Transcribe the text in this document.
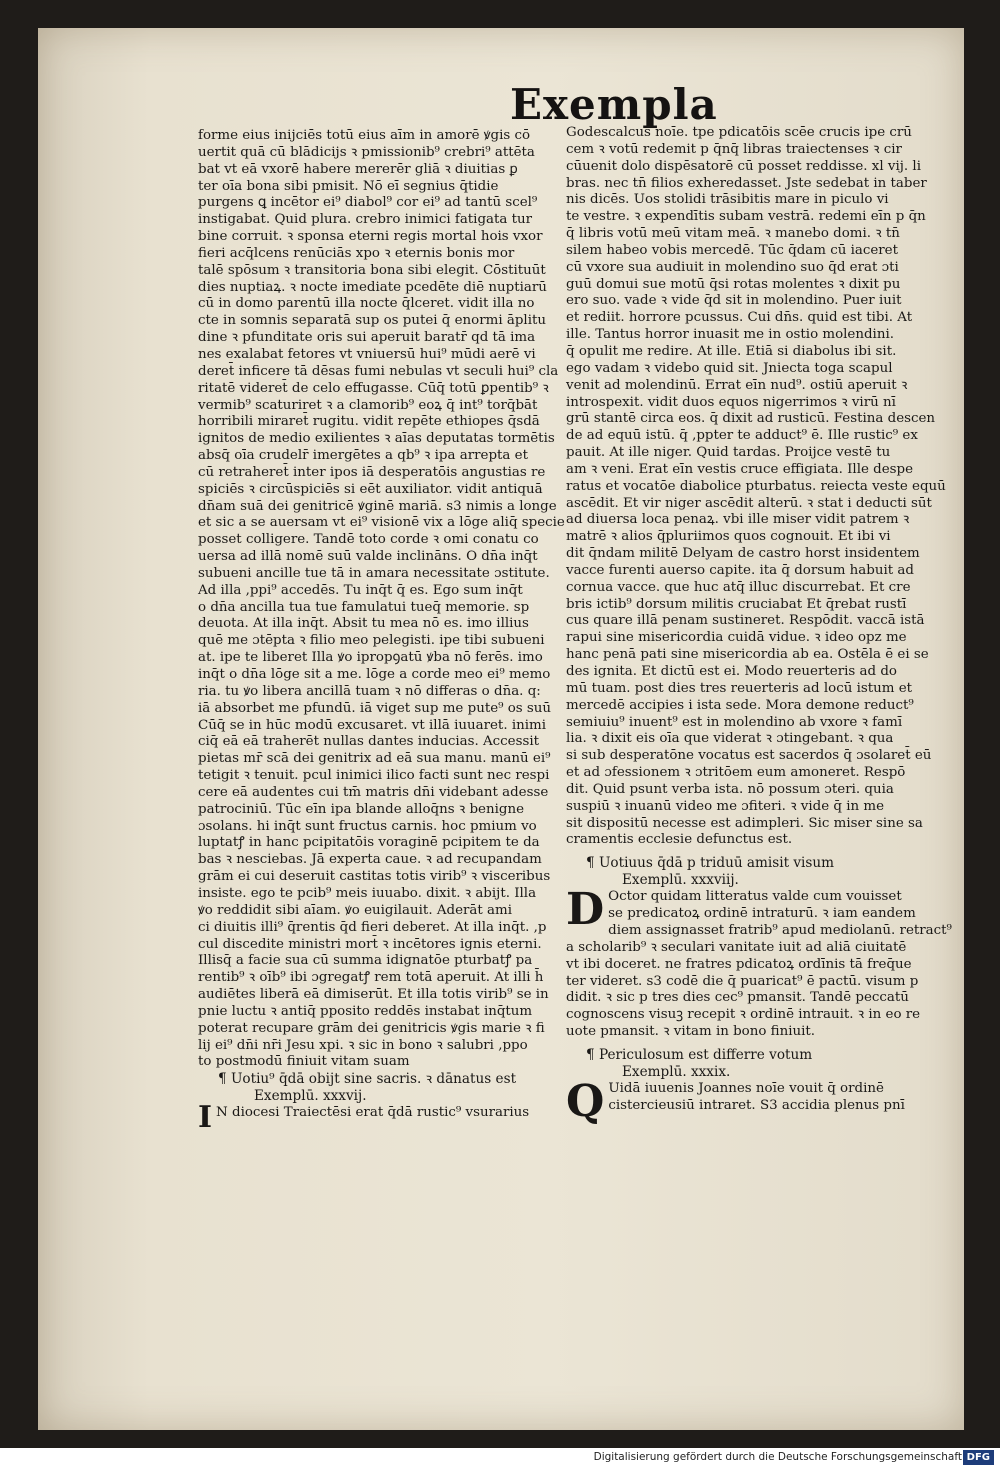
Exempla
forme eius inijciēs totū eius aīm in amorē ꝟgis cō
uertit quā cū blādicijs ꝛ pmissionib⁹ crebri⁹ attēta
bat vt eā vxorē habere mererēr gliā ꝛ diuitias ꝑ
ter oīa bona sibi pmisit. Nō eī segnius q̄tidie
purgens ꝗ incētor ei⁹ diabol⁹ cor ei⁹ ad tantū scel⁹
instigabat. Quid plura. crebro inimici fatigata tur
bine corruit. ꝛ sponsa eterni regis mortal hois vxor
fieri acq̄lcens renūciās xpo ꝛ eternis bonis mor
talē spōsum ꝛ transitoria bona sibi elegit. Cōstituūt
dies nuptiaꝝ. ꝛ nocte imediate pcedēte diē nuptiarū
cū in domo parentū illa nocte q̄lceret. vidit illa no
cte in somnis separatā sup os putei q̄ enormi āplitu
dine ꝛ pfunditate oris sui aperuit baratr̄ qd tā ima
nes exalabat fetores vt vniuersū hui⁹ mūdi aerē vi
deret̄ inficere tā dēsas fumi nebulas vt seculi hui⁹ cla
ritatē videret̄ de celo effugasse. Cūq̄ totū ꝑpentib⁹ ꝛ
vermib⁹ scaturiret ꝛ a clamorib⁹ eoꝝ q̄ int⁹ torq̄bāt
horribili miraret̄ rugitu. vidit repēte ethiopes q̄sdā
ignitos de medio exilientes ꝛ aīas deputatas tormētis
absq̄ oīa crudelr̄ imergētes a qb⁹ ꝛ ipa arrepta et
cū retraheret̄ inter ipos iā desperatōis angustias re
spiciēs ꝛ circūspiciēs si eēt auxiliator. vidit antiquā
dn̄am suā dei genitricē ꝟginē mariā. s3 nimis a longe
et sic a se auersam vt ei⁹ visionē vix a lōge aliq̄ specie
posset colligere. Tandē toto corde ꝛ omi conatu co
uersa ad illā nomē suū valde inclināns. O dn̄a inq̄t
subueni ancille tue tā in amara necessitate ɔstitute.
Ad illa ,ppi⁹ accedēs. Tu inq̄t q̄ es. Ego sum inq̄t
o dn̄a ancilla tua tue famulatui tueq̄ memorie. sp
deuota. At illa inq̄t. Absit tu mea nō es. imo illius
quē me ɔtēpta ꝛ filio meo pelegisti. ipe tibi subueni
at. ipe te liberet Illa ꝟo ipropꝯatū ꝟba nō ferēs. imo
inq̄t o dn̄a lōge sit a me. lōge a corde meo ei⁹ memo
ria. tu ꝟo libera ancillā tuam ꝛ nō differas o dn̄a. q:
iā absorbet me pfundū. iā viget sup me pute⁹ os suū
Cūq̄ se in hūc modū excusaret. vt illā iuuaret. inimi
ciq̄ eā eā traherēt nullas dantes inducias. Accessit
pietas mr̄ scā dei genitrix ad eā sua manu. manū ei⁹
tetigit ꝛ tenuit. pcul inimici ilico facti sunt nec respi
cere eā audentes cui tm̄ matris dn̄i videbant adesse
patrociniū. Tūc eīn ipa blande alloq̄ns ꝛ benigne
ɔsolans. hi inq̄t sunt fructus carnis. hoc pmium vo
luptatꝭ in hanc pcipitatōis voraginē pcipitem te da
bas ꝛ nesciebas. Jā experta caue. ꝛ ad recupandam
grām ei cui deseruit castitas totis virib⁹ ꝛ visceribus
insiste. ego te pcib⁹ meis iuuabo. dixit. ꝛ abijt. Illa
ꝟo reddidit sibi aīam. ꝟo euigilauit. Aderāt ami
ci diuitis illi⁹ q̄rentis q̄d fieri deberet. At illa inq̄t. ,p
cul discedite ministri mort̄ ꝛ incētores ignis eterni.
Illisq̄ a facie sua cū summa idignatōe pturbatꝭ pa
rentib⁹ ꝛ oīb⁹ ibi ɔgregatꝭ rem totā aperuit. At illi h̄
audiētes liberā eā dimiserūt. Et illa totis virib⁹ se in
pnie luctu ꝛ antiq̄ pposito reddēs instabat inq̄tum
poterat recupare grām dei genitricis ꝟgis marie ꝛ fi
lij ei⁹ dn̄i nr̄i Jesu xpi. ꝛ sic in bono ꝛ salubri ,ppo
to postmodū finiuit vitam suam
¶ Uotiu⁹ q̄dā obijt sine sacris. ꝛ dānatus est
Exemplū. xxxvij.
I N diocesi Traiectēsi erat q̄dā rustic⁹ vsurarius
Godescalcus noīe. tpe pdicatōis scēe crucis ipe crū
cem ꝛ votū redemit p q̄nq̄ libras traiectenses ꝛ cir
cūuenit dolo dispēsatorē cū posset reddisse. xl vij. li
bras. nec tn̄ filios exheredasset. Jste sedebat in taber
nis dicēs. Uos stolidi trāsibitis mare in piculo vi
te vestre. ꝛ expendītis subam vestrā. redemi eīn p q̄n
q̄ libris votū meū vitam meā. ꝛ manebo domi. ꝛ tn̄
silem habeo vobis mercedē. Tūc q̄dam cū iaceret
cū vxore sua audiuit in molendino suo q̄d erat ɔti
guū domui sue motū q̄si rotas molentes ꝛ dixit pu
ero suo. vade ꝛ vide q̄d sit in molendino. Puer iuit
et rediit. horrore pcussus. Cui dn̄s. quid est tibi. At
ille. Tantus horror inuasit me in ostio molendini.
q̄ opulit me redire. At ille. Etiā si diabolus ibi sit.
ego vadam ꝛ videbo quid sit. Jniecta toga scapul
venit ad molendinū. Errat eīn nud⁹. ostiū aperuit ꝛ
introspexit. vidit duos equos nigerrimos ꝛ virū nī
grū stantē circa eos. q̄ dixit ad rusticū. Festina descen
de ad equū istū. q̄ ,ppter te adduct⁹ ē. Ille rustic⁹ ex
pauit. At ille niger. Quid tardas. Proijce vestē tu
am ꝛ veni. Erat eīn vestis cruce effigiata. Ille despe
ratus et vocatōe diabolice pturbatus. reiecta veste equū
ascēdit. Et vir niger ascēdit alterū. ꝛ stat i deducti sūt
ad diuersa loca penaꝝ. vbi ille miser vidit patrem ꝛ
matrē ꝛ alios q̄pluriimos quos cognouit. Et ibi vi
dit q̄ndam militē Delyam de castro horst insidentem
vacce furenti auerso capite. ita q̄ dorsum habuit ad
cornua vacce. que huc atq̄ illuc discurrebat. Et cre
bris ictib⁹ dorsum militis cruciabat Et q̄rebat rustī
cus quare illā penam sustineret. Respōdit. vaccā istā
rapui sine misericordia cuidā vidue. ꝛ ideo opz me
hanc penā pati sine misericordia ab ea. Ostēla ē ei se
des ignita. Et dictū est ei. Modo reuerteris ad do
mū tuam. post dies tres reuerteris ad locū istum et
mercedē accipies i ista sede. Mora demone reduct⁹
semiuiu⁹ inuent⁹ est in molendino ab vxore ꝛ famī
lia. ꝛ dixit eis oīa que viderat ꝛ ɔtingebant. ꝛ qua
si sub desperatōne vocatus est sacerdos q̄ ɔsolaret̄ eū
et ad ɔfessionem ꝛ ɔtritōem eum amoneret. Respō
dit. Quid psunt verba ista. nō possum ɔteri. quia
suspiū ꝛ inuanū video me ɔfiteri. ꝛ vide q̄ in me
sit dispositū necesse est adimpleri. Sic miser sine sa
cramentis ecclesie defunctus est.
¶ Uotiuus q̄dā p triduū amisit visum
Exemplū. xxxviij.
D Octor quidam litteratus valde cum vouisset
se predicatoꝝ ordinē intraturū. ꝛ iam eandem
diem assignasset fratrib⁹ apud mediolanū. retract⁹
a scholarib⁹ ꝛ seculari vanitate iuit ad aliā ciuitatē
vt ibi doceret. ne fratres pdicatoꝝ ordīnis tā freq̄ue
ter videret. s3 codē die q̄ puaricat⁹ ē pactū. visum p
didit. ꝛ sic p tres dies cec⁹ pmansit. Tandē peccatū
cognoscens visuꝫ recepit ꝛ ordinē intrauit. ꝛ in eo re
uote pmansit. ꝛ vitam in bono finiuit.
¶ Periculosum est differre votum
Exemplū. xxxix.
Q Uidā iuuenis Joannes noīe vouit q̄ ordinē
cistercieusiū intraret. S3 accidia plenus pnī
Digitalisierung gefördert durch die Deutsche Forschungsgemeinschaft DFG
